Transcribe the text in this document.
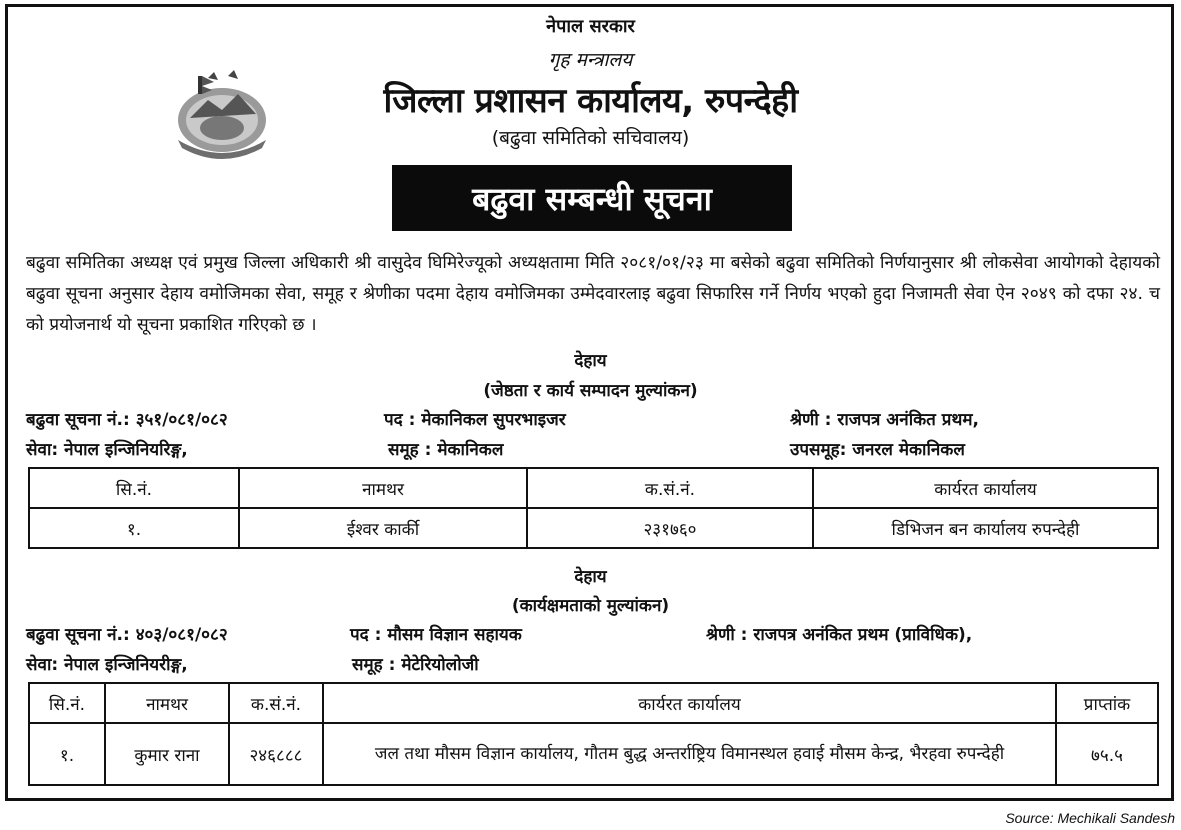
नेपाल सरकार
गृह मन्त्रालय
जिल्ला प्रशासन कार्यालय, रुपन्देही
(बढुवा समितिको सचिवालय)
बढुवा सम्बन्धी सूचना
बढुवा समितिका अध्यक्ष एवं प्रमुख जिल्ला अधिकारी श्री वासुदेव घिमिरेज्यूको अध्यक्षतामा मिति २०८१/०१/२३ मा बसेको बढुवा समितिको निर्णयानुसार श्री लोकसेवा आयोगको देहायको बढुवा सूचना अनुसार देहाय वमोजिमका सेवा, समूह र श्रेणीका पदमा देहाय वमोजिमका उम्मेदवारलाइ बढुवा सिफारिस गर्ने निर्णय भएको हुदा निजामती सेवा ऐन २०४९ को दफा २४. च को प्रयोजनार्थ यो सूचना प्रकाशित गरिएको छ ।
देहाय
(जेष्ठता र कार्य सम्पादन मुल्यांकन)
बढुवा सूचना नं.: ३५१/०८१/०८२	पद : मेकानिकल सुपरभाइजर	श्रेणी : राजपत्र अनंकित प्रथम,
सेवा: नेपाल इन्जिनियरिङ्ग,	समूह : मेकानिकल	उपसमूह: जनरल मेकानिकल
सि.नं.	नामथर	क.सं.नं.	कार्यरत कार्यालय
१.	ईश्वर कार्की	२३१७६०	डिभिजन बन कार्यालय रुपन्देही
देहाय
(कार्यक्षमताको मुल्यांकन)
बढुवा सूचना नं.: ४०३/०८१/०८२	पद : मौसम विज्ञान सहायक	श्रेणी : राजपत्र अनंकित प्रथम (प्राविधिक),
सेवा: नेपाल इन्जिनियरीङ्ग,	समूह : मेटेरियोलोजी
सि.नं.	नामथर	क.सं.नं.	कार्यरत कार्यालय	प्राप्तांक
१.	कुमार राना	२४६८८८	जल तथा मौसम विज्ञान कार्यालय, गौतम बुद्ध अन्तर्राष्ट्रिय विमानस्थल हवाई मौसम केन्द्र, भैरहवा रुपन्देही	७५.५
Source: Mechikali Sandesh
